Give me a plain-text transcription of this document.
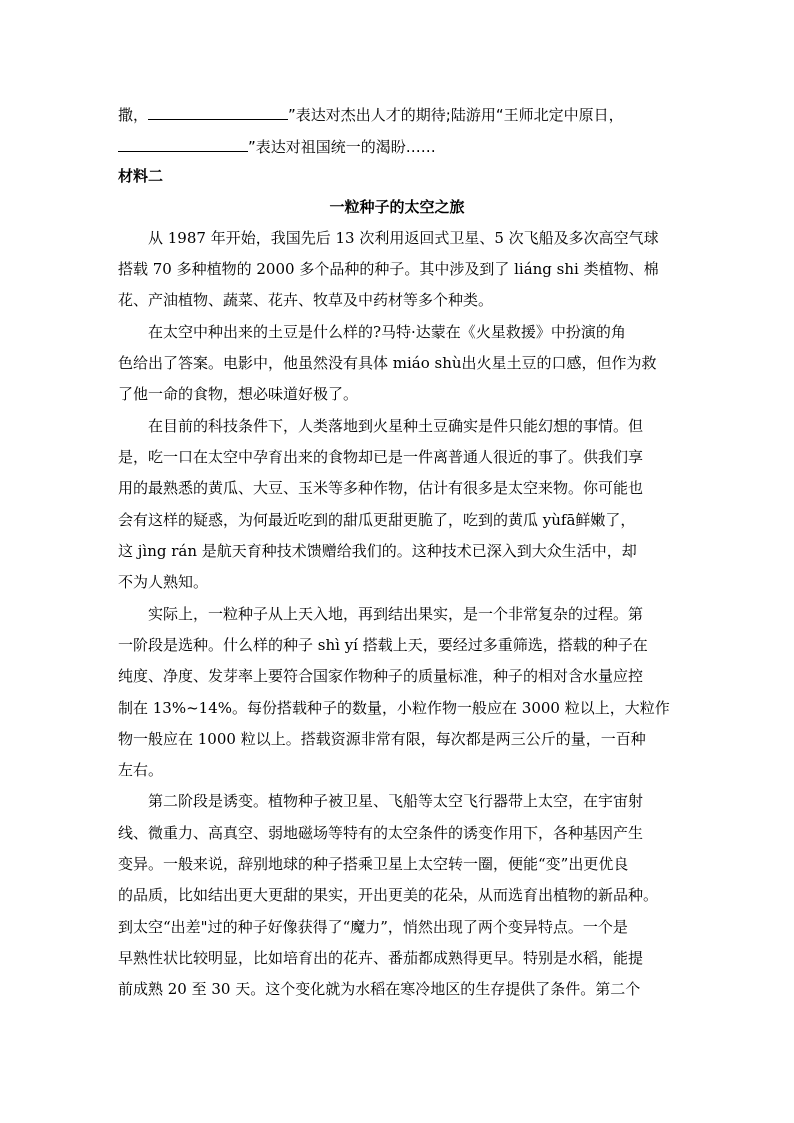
撒，	”表达对杰出人才的期待;陆游用“王师北定中原日，
”表达对祖国统一的渴盼……
材料二
一粒种子的太空之旅
　　从 1987 年开始，我国先后 13 次利用返回式卫星、5 次飞船及多次高空气球
搭载 70 多种植物的 2000 多个品种的种子。其中涉及到了 liáng shi 类植物、棉
花、产油植物、蔬菜、花卉、牧草及中药材等多个种类。
　　在太空中种出来的土豆是什么样的?马特·达蒙在《火星救援》中扮演的角
色给出了答案。电影中，他虽然没有具体 miáo shù出火星土豆的口感，但作为救
了他一命的食物，想必味道好极了。
　　在目前的科技条件下，人类落地到火星种土豆确实是件只能幻想的事情。但
是，吃一口在太空中孕育出来的食物却已是一件离普通人很近的事了。供我们享
用的最熟悉的黄瓜、大豆、玉米等多种作物，估计有很多是太空来物。你可能也
会有这样的疑惑，为何最近吃到的甜瓜更甜更脆了，吃到的黄瓜 yùfā鲜嫩了，
这 jìng rán 是航天育种技术馈赠给我们的。这种技术已深入到大众生活中，却
不为人熟知。
　　实际上，一粒种子从上天入地，再到结出果实，是一个非常复杂的过程。第
一阶段是选种。什么样的种子 shì yí 搭载上天，要经过多重筛选，搭载的种子在
纯度、净度、发芽率上要符合国家作物种子的质量标准，种子的相对含水量应控
制在 13%~14%。每份搭载种子的数量，小粒作物一般应在 3000 粒以上，大粒作
物一般应在 1000 粒以上。搭载资源非常有限，每次都是两三公斤的量，一百种
左右。
　　第二阶段是诱变。植物种子被卫星、飞船等太空飞行器带上太空，在宇宙射
线、微重力、高真空、弱地磁场等特有的太空条件的诱变作用下，各种基因产生
变异。一般来说，辞别地球的种子搭乘卫星上太空转一圈，便能“变”出更优良
的品质，比如结出更大更甜的果实，开出更美的花朵，从而选育出植物的新品种。
到太空“出差"过的种子好像获得了“魔力”，悄然出现了两个变异特点。一个是
早熟性状比较明显，比如培育出的花卉、番茄都成熟得更早。特别是水稻，能提
前成熟 20 至 30 天。这个变化就为水稻在寒冷地区的生存提供了条件。第二个
